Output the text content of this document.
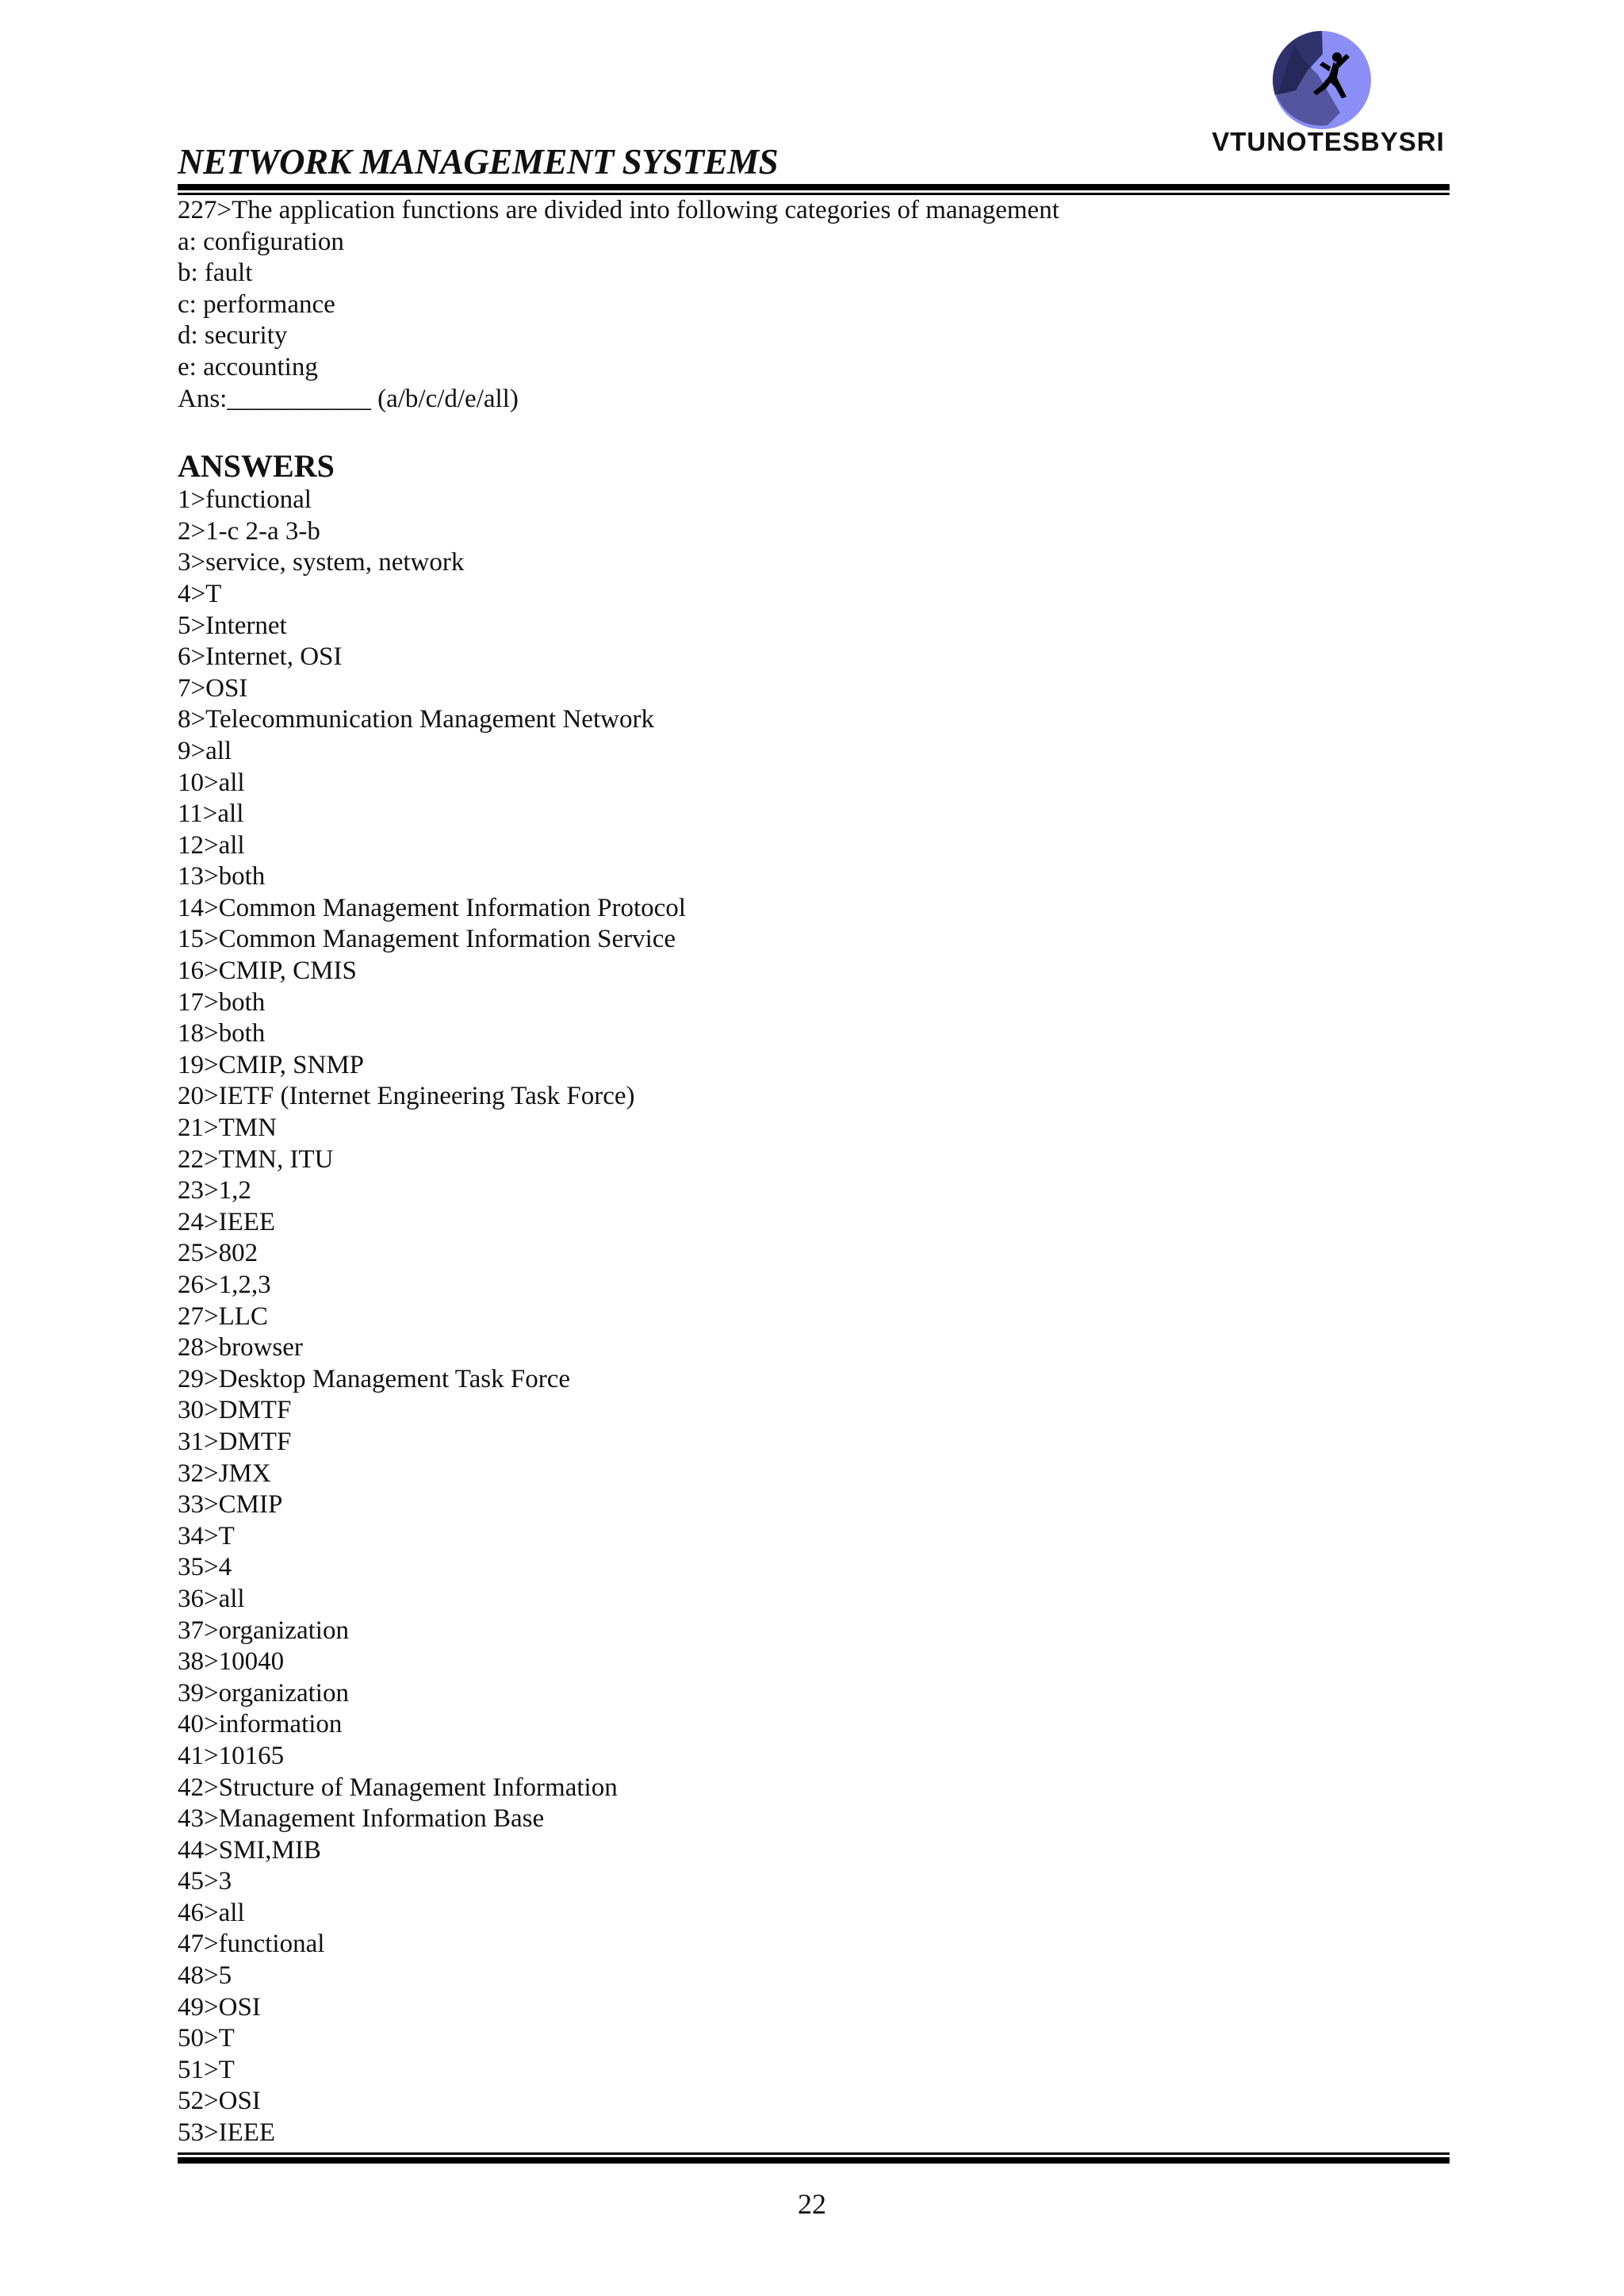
VTUNOTESBYSRI
NETWORK MANAGEMENT SYSTEMS
227>The application functions are divided into following categories of management
a: configuration
b: fault
c: performance
d: security
e: accounting
Ans:___________ (a/b/c/d/e/all)
ANSWERS
1>functional
2>1-c 2-a 3-b
3>service, system, network
4>T
5>Internet
6>Internet, OSI
7>OSI
8>Telecommunication Management Network
9>all
10>all
11>all
12>all
13>both
14>Common Management Information Protocol
15>Common Management Information Service
16>CMIP, CMIS
17>both
18>both
19>CMIP, SNMP
20>IETF (Internet Engineering Task Force)
21>TMN
22>TMN, ITU
23>1,2
24>IEEE
25>802
26>1,2,3
27>LLC
28>browser
29>Desktop Management Task Force
30>DMTF
31>DMTF
32>JMX
33>CMIP
34>T
35>4
36>all
37>organization
38>10040
39>organization
40>information
41>10165
42>Structure of Management Information
43>Management Information Base
44>SMI,MIB
45>3
46>all
47>functional
48>5
49>OSI
50>T
51>T
52>OSI
53>IEEE
22
